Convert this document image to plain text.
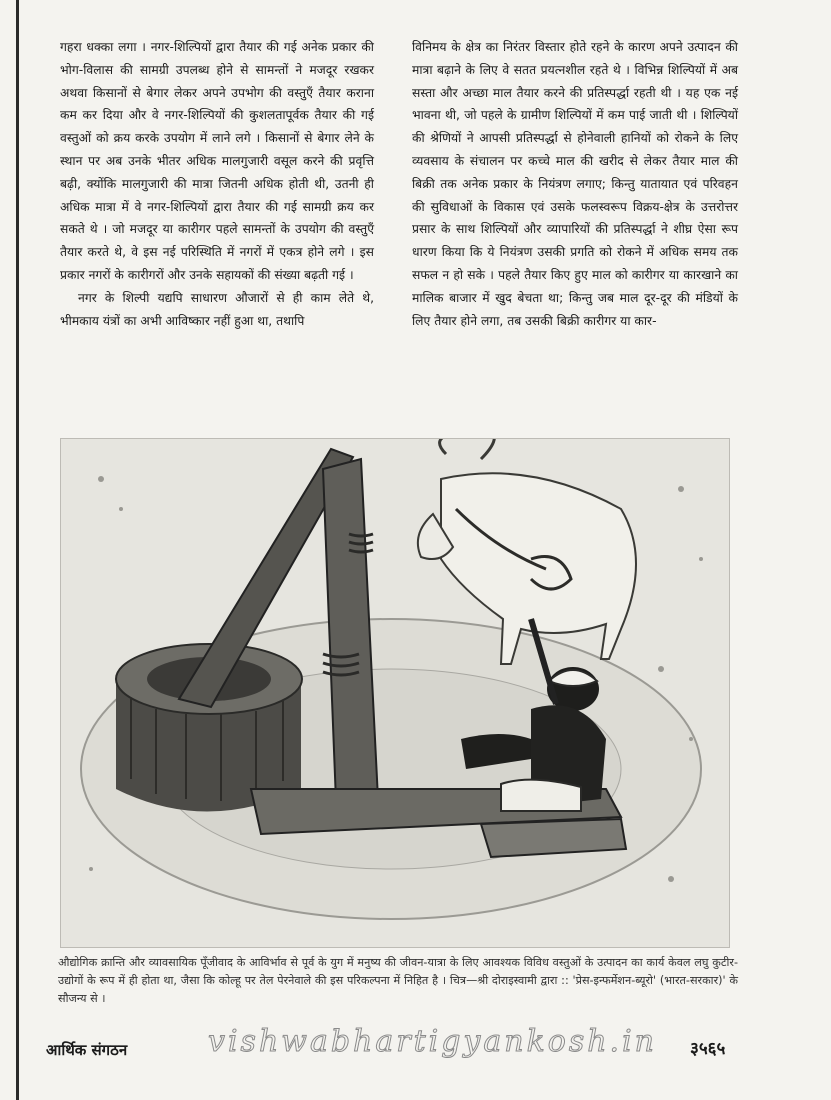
गहरा धक्का लगा । नगर-शिल्पियों द्वारा तैयार की गई अनेक प्रकार की भोग-विलास की सामग्री उपलब्ध होने से सामन्तों ने मजदूर रखकर अथवा किसानों से बेगार लेकर अपने उपभोग की वस्तुएँ तैयार कराना कम कर दिया और वे नगर-शिल्पियों की कुशलतापूर्वक तैयार की गई वस्तुओं को क्रय करके उपयोग में लाने लगे । किसानों से बेगार लेने के स्थान पर अब उनके भीतर अधिक मालगुजारी वसूल करने की प्रवृत्ति बढ़ी, क्योंकि मालगुजारी की मात्रा जितनी अधिक होती थी, उतनी ही अधिक मात्रा में वे नगर-शिल्पियों द्वारा तैयार की गई सामग्री क्रय कर सकते थे । जो मजदूर या कारीगर पहले सामन्तों के उपयोग की वस्तुएँ तैयार करते थे, वे इस नई परिस्थिति में नगरों में एकत्र होने लगे । इस प्रकार नगरों के कारीगरों और उनके सहायकों की संख्या बढ़ती गई ।

नगर के शिल्पी यद्यपि साधारण औजारों से ही काम लेते थे, भीमकाय यंत्रों का अभी आविष्कार नहीं हुआ था, तथापि

विनिमय के क्षेत्र का निरंतर विस्तार होते रहने के कारण अपने उत्पादन की मात्रा बढ़ाने के लिए वे सतत प्रयत्नशील रहते थे । विभिन्न शिल्पियों में अब सस्ता और अच्छा माल तैयार करने की प्रतिस्पर्द्धा रहती थी । यह एक नई भावना थी, जो पहले के ग्रामीण शिल्पियों में कम पाई जाती थी । शिल्पियों की श्रेणियों ने आपसी प्रतिस्पर्द्धा से होनेवाली हानियों को रोकने के लिए व्यवसाय के संचालन पर कच्चे माल की खरीद से लेकर तैयार माल की बिक्री तक अनेक प्रकार के नियंत्रण लगाए; किन्तु यातायात एवं परिवहन की सुविधाओं के विकास एवं उसके फलस्वरूप विक्रय-क्षेत्र के उत्तरोत्तर प्रसार के साथ शिल्पियों और व्यापारियों की प्रतिस्पर्द्धा ने शीघ्र ऐसा रूप धारण किया कि ये नियंत्रण उसकी प्रगति को रोकने में अधिक समय तक सफल न हो सके । पहले तैयार किए हुए माल को कारीगर या कारखाने का मालिक बाजार में खुद बेचता था; किन्तु जब माल दूर-दूर की मंडियों के लिए तैयार होने लगा, तब उसकी बिक्री कारीगर या कार-

औद्योगिक क्रान्ति और व्यावसायिक पूँजीवाद के आविर्भाव से पूर्व के युग में मनुष्य की जीवन-यात्रा के लिए आवश्यक विविध वस्तुओं के उत्पादन का कार्य केवल लघु कुटीर-उद्योगों के रूप में ही होता था, जैसा कि कोल्हू पर तेल पेरनेवाले की इस परिकल्पना में निहित है । चित्र—श्री दोराइस्वामी द्वारा :: 'प्रेस-इन्फर्मेशन-ब्यूरो' (भारत-सरकार)' के सौजन्य से ।
आर्थिक संगठन	vishwabhartigyankosh.in ३५६५
